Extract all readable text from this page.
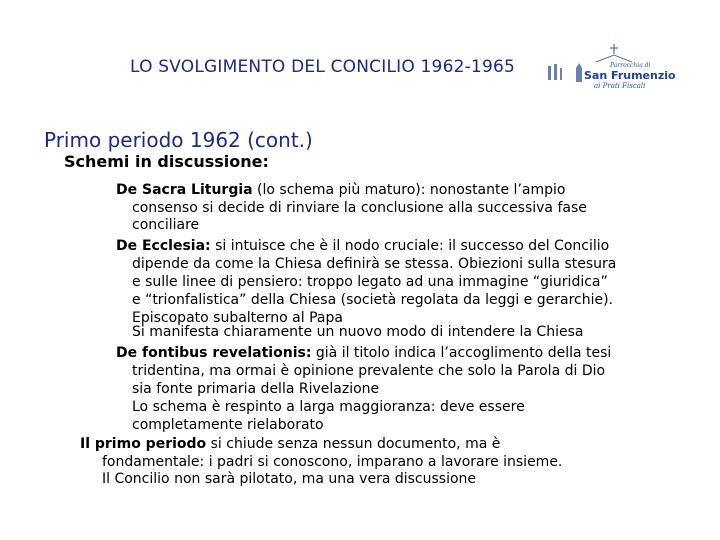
LO SVOLGIMENTO DEL CONCILIO 1962-1965	Parrocchia di
San Frumenzio
ai Prati Fiscali
Primo periodo 1962 (cont.)
Schemi in discussione:
De Sacra Liturgia (lo schema più maturo): nonostante l’ampio
consenso si decide di rinviare la conclusione alla successiva fase
conciliare
De Ecclesia: si intuisce che è il nodo cruciale: il successo del Concilio
dipende da come la Chiesa definirà se stessa. Obiezioni sulla stesura
e sulle linee di pensiero: troppo legato ad una immagine “giuridica”
e “trionfalistica” della Chiesa (società regolata da leggi e gerarchie).
Episcopato subalterno al Papa
Si manifesta chiaramente un nuovo modo di intendere la Chiesa
De fontibus revelationis: già il titolo indica l’accoglimento della tesi
tridentina, ma ormai è opinione prevalente che solo la Parola di Dio
sia fonte primaria della Rivelazione
Lo schema è respinto a larga maggioranza: deve essere
completamente rielaborato
Il primo periodo si chiude senza nessun documento, ma è
fondamentale: i padri si conoscono, imparano a lavorare insieme.
Il Concilio non sarà pilotato, ma una vera discussione
